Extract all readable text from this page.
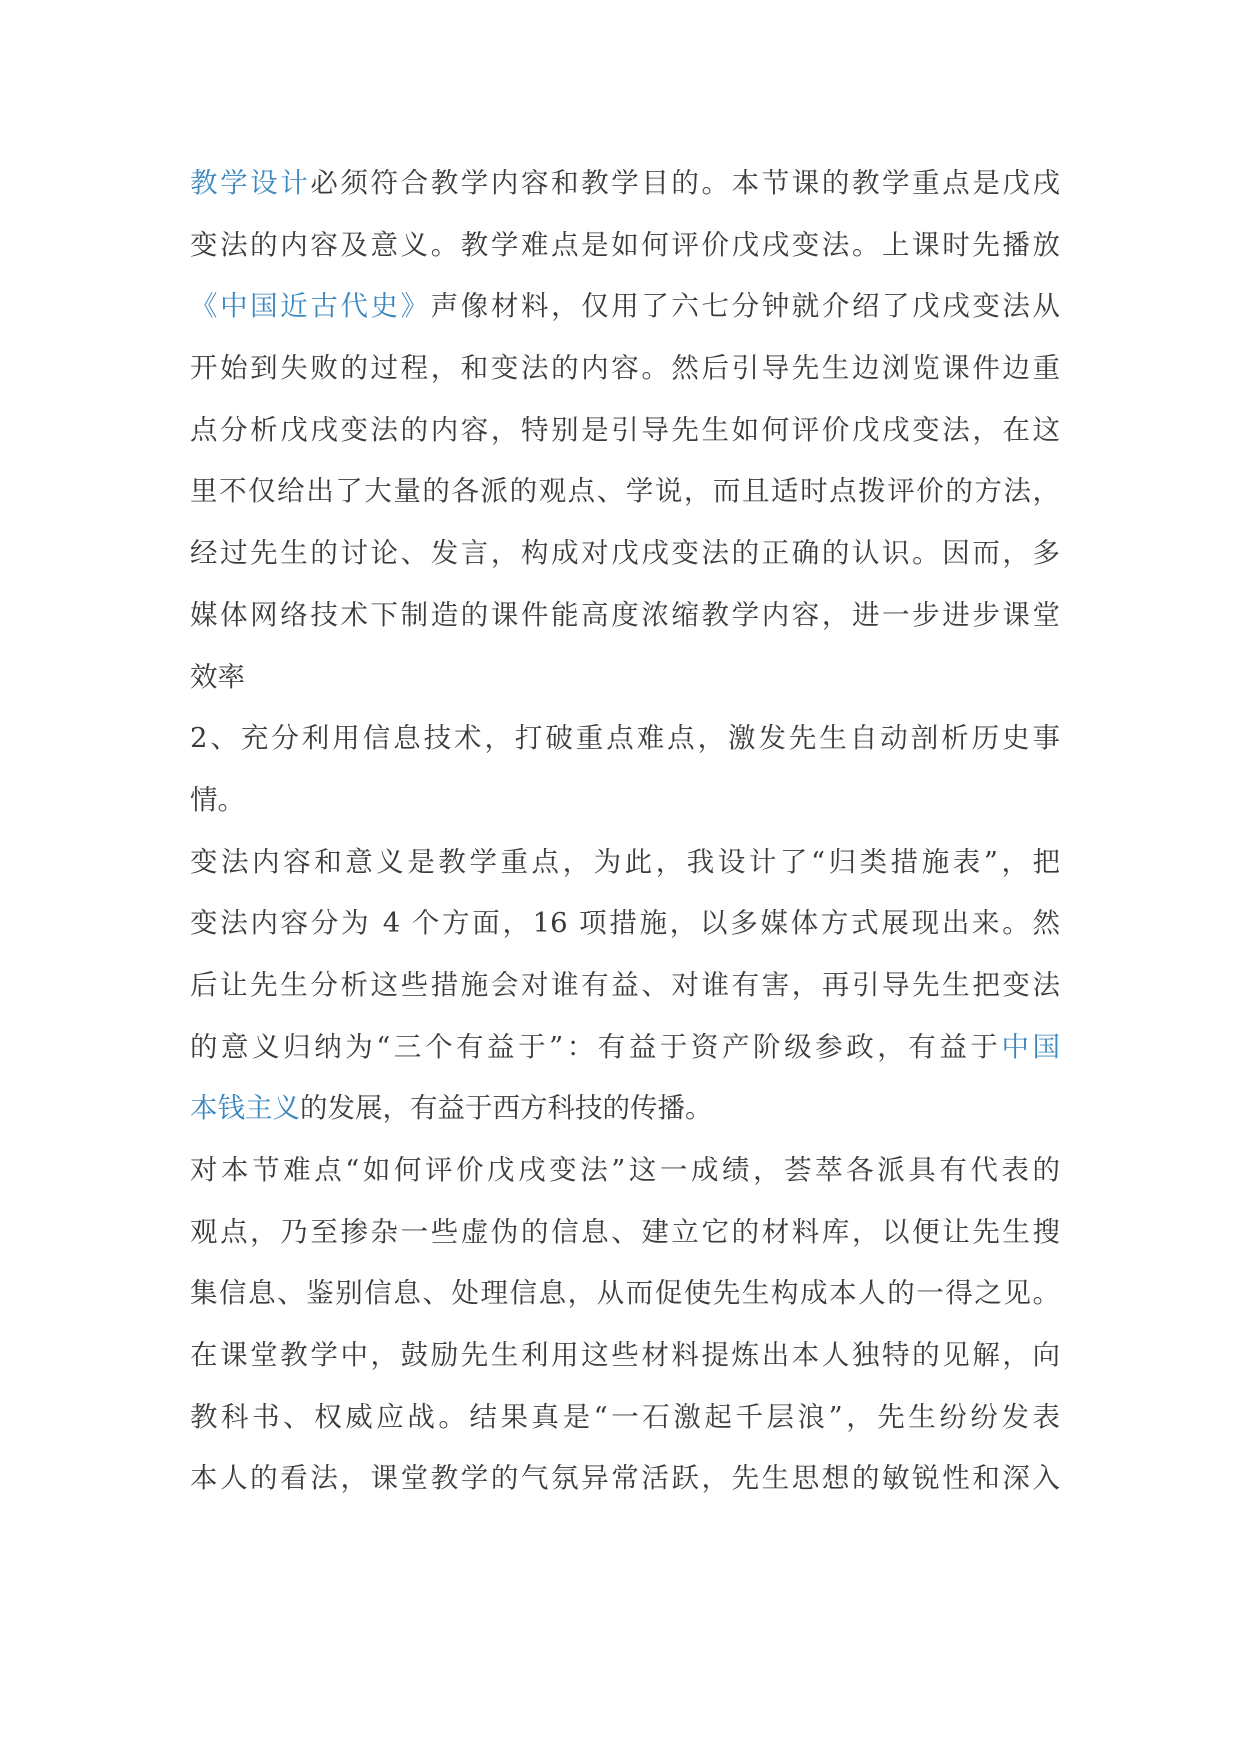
教学设计必须符合教学内容和教学目的。本节课的教学重点是戊戌
变法的内容及意义。教学难点是如何评价戊戌变法。上课时先播放
《中国近古代史》声像材料，仅用了六七分钟就介绍了戊戌变法从
开始到失败的过程，和变法的内容。然后引导先生边浏览课件边重
点分析戊戌变法的内容，特别是引导先生如何评价戊戌变法，在这
里不仅给出了大量的各派的观点、学说，而且适时点拨评价的方法，
经过先生的讨论、发言，构成对戊戌变法的正确的认识。因而，多
媒体网络技术下制造的课件能高度浓缩教学内容，进一步进步课堂
效率
2、充分利用信息技术，打破重点难点，激发先生自动剖析历史事
情。
变法内容和意义是教学重点，为此，我设计了“归类措施表”，把
变法内容分为 4 个方面，16 项措施，以多媒体方式展现出来。然
后让先生分析这些措施会对谁有益、对谁有害，再引导先生把变法
的意义归纳为“三个有益于”：有益于资产阶级参政，有益于中国
本钱主义的发展，有益于西方科技的传播。
对本节难点“如何评价戊戌变法”这一成绩，荟萃各派具有代表的
观点，乃至掺杂一些虚伪的信息、建立它的材料库，以便让先生搜
集信息、鉴别信息、处理信息，从而促使先生构成本人的一得之见。
在课堂教学中，鼓励先生利用这些材料提炼出本人独特的见解，向
教科书、权威应战。结果真是“一石激起千层浪”，先生纷纷发表
本人的看法，课堂教学的气氛异常活跃，先生思想的敏锐性和深入
